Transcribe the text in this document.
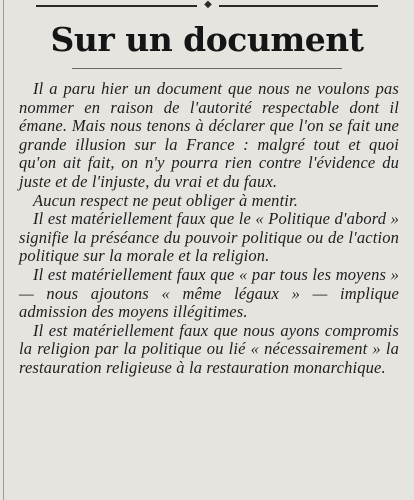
◆
Sur un document

Il a paru hier un document que nous ne voulons pas nommer en raison de l'autorité respectable dont il émane. Mais nous tenons à déclarer que l'on se fait une grande illusion sur la France : malgré tout et quoi qu'on ait fait, on n'y pourra rien contre l'évidence du juste et de l'injuste, du vrai et du faux.

Aucun respect ne peut obliger à mentir.

Il est matériellement faux que le « Politique d'abord » signifie la préséance du pouvoir politique ou de l'action politique sur la morale et la religion.

Il est matériellement faux que « par tous les moyens » — nous ajoutons « même légaux » — implique admission des moyens illégitimes.

Il est matériellement faux que nous ayons compromis la religion par la politique ou lié « nécessairement » la restauration religieuse à la restauration monarchique.
